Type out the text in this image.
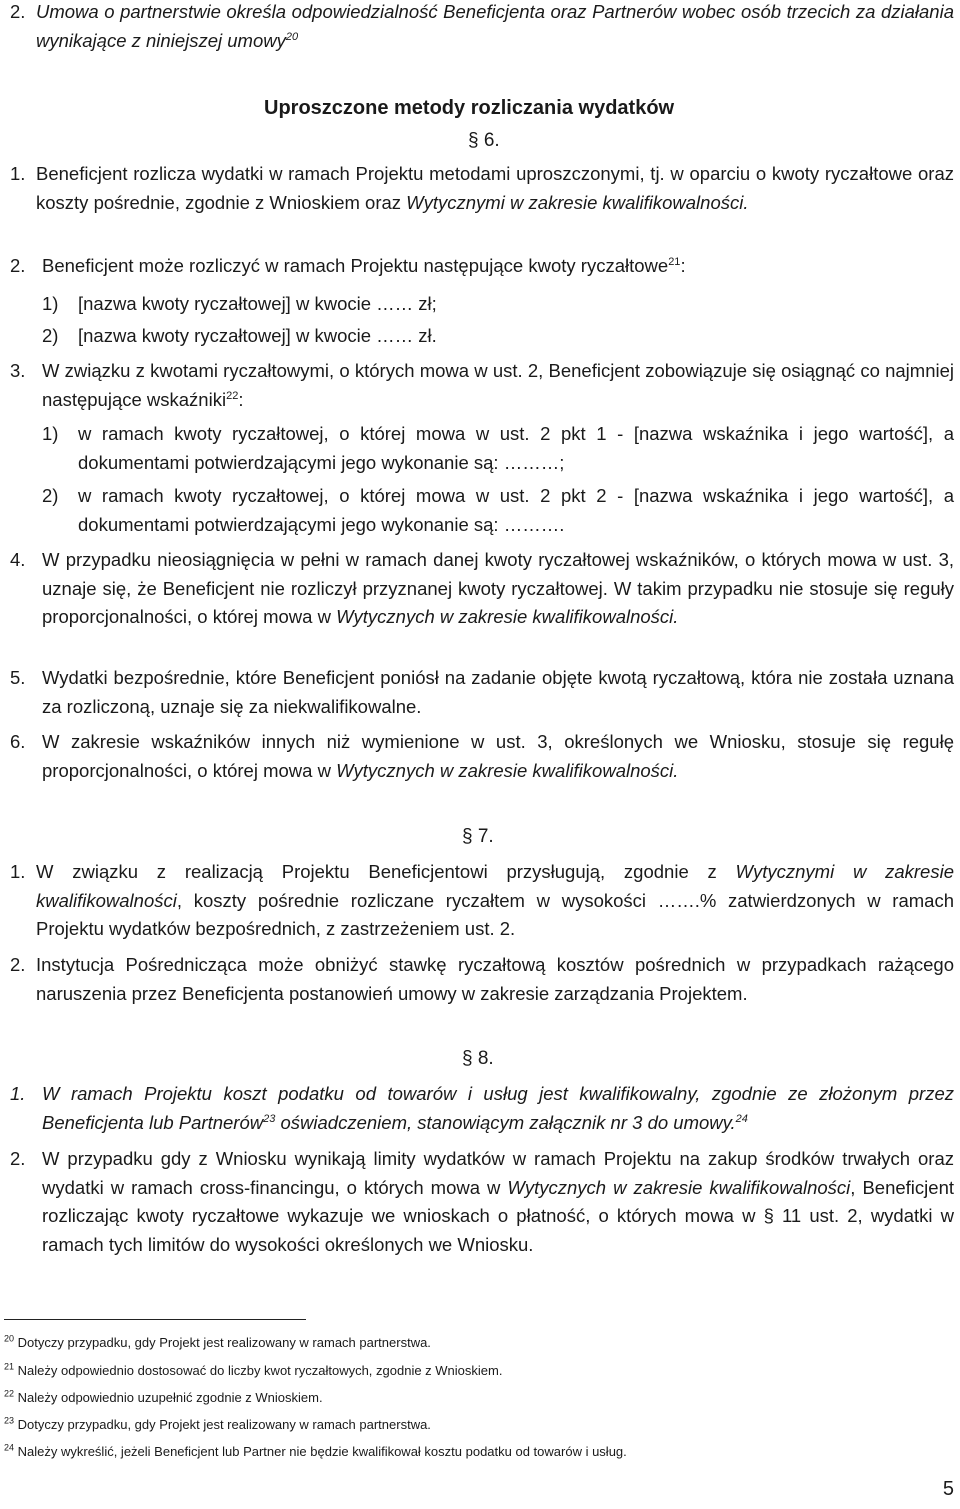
2. Umowa o partnerstwie określa odpowiedzialność Beneficjenta oraz Partnerów wobec osób trzecich za działania wynikające z niniejszej umowy$^{20}$
Uproszczone metody rozliczania wydatków
§ 6.
1. Beneficjent rozlicza wydatki w ramach Projektu metodami uproszczonymi, tj. w oparciu o kwoty ryczałtowe oraz koszty pośrednie, zgodnie z Wnioskiem oraz Wytycznymi w zakresie kwalifikowalności.
2. Beneficjent może rozliczyć w ramach Projektu następujące kwoty ryczałtowe$^{21}$:
1) [nazwa kwoty ryczałtowej] w kwocie …… zł;
2) [nazwa kwoty ryczałtowej] w kwocie …… zł.
3. W związku z kwotami ryczałtowymi, o których mowa w ust. 2, Beneficjent zobowiązuje się osiągnąć co najmniej następujące wskaźniki$^{22}$:
1) w ramach kwoty ryczałtowej, o której mowa w ust. 2 pkt 1 - [nazwa wskaźnika i jego wartość], a dokumentami potwierdzającymi jego wykonanie są: ………;
2) w ramach kwoty ryczałtowej, o której mowa w ust. 2 pkt 2 - [nazwa wskaźnika i jego wartość], a dokumentami potwierdzającymi jego wykonanie są: ……….
4. W przypadku nieosiągnięcia w pełni w ramach danej kwoty ryczałtowej wskaźników, o których mowa w ust. 3, uznaje się, że Beneficjent nie rozliczył przyznanej kwoty ryczałtowej. W takim przypadku nie stosuje się reguły proporcjonalności, o której mowa w Wytycznych w zakresie kwalifikowalności.
5. Wydatki bezpośrednie, które Beneficjent poniósł na zadanie objęte kwotą ryczałtową, która nie została uznana za rozliczoną, uznaje się za niekwalifikowalne.
6. W zakresie wskaźników innych niż wymienione w ust. 3, określonych we Wniosku, stosuje się regułę proporcjonalności, o której mowa w Wytycznych w zakresie kwalifikowalności.
§ 7.
1. W związku z realizacją Projektu Beneficjentowi przysługują, zgodnie z Wytycznymi w zakresie kwalifikowalności, koszty pośrednie rozliczane ryczałtem w wysokości …….% zatwierdzonych w ramach Projektu wydatków bezpośrednich, z zastrzeżeniem ust. 2.
2. Instytucja Pośrednicząca może obniżyć stawkę ryczałtową kosztów pośrednich w przypadkach rażącego naruszenia przez Beneficjenta postanowień umowy w zakresie zarządzania Projektem.
§ 8.
1. W ramach Projektu koszt podatku od towarów i usług jest kwalifikowalny, zgodnie ze złożonym przez Beneficjenta lub Partnerów$^{23}$ oświadczeniem, stanowiącym załącznik nr 3 do umowy.$^{24}$
2. W przypadku gdy z Wniosku wynikają limity wydatków w ramach Projektu na zakup środków trwałych oraz wydatki w ramach cross-financingu, o których mowa w Wytycznych w zakresie kwalifikowalności, Beneficjent rozliczając kwoty ryczałtowe wykazuje we wnioskach o płatność, o których mowa w § 11 ust. 2, wydatki w ramach tych limitów do wysokości określonych we Wniosku.
$^{20}$ Dotyczy przypadku, gdy Projekt jest realizowany w ramach partnerstwa.
$^{21}$ Należy odpowiednio dostosować do liczby kwot ryczałtowych, zgodnie z Wnioskiem.
$^{22}$ Należy odpowiednio uzupełnić zgodnie z Wnioskiem.
$^{23}$ Dotyczy przypadku, gdy Projekt jest realizowany w ramach partnerstwa.
$^{24}$ Należy wykreślić, jeżeli Beneficjent lub Partner nie będzie kwalifikował kosztu podatku od towarów i usług.
5
